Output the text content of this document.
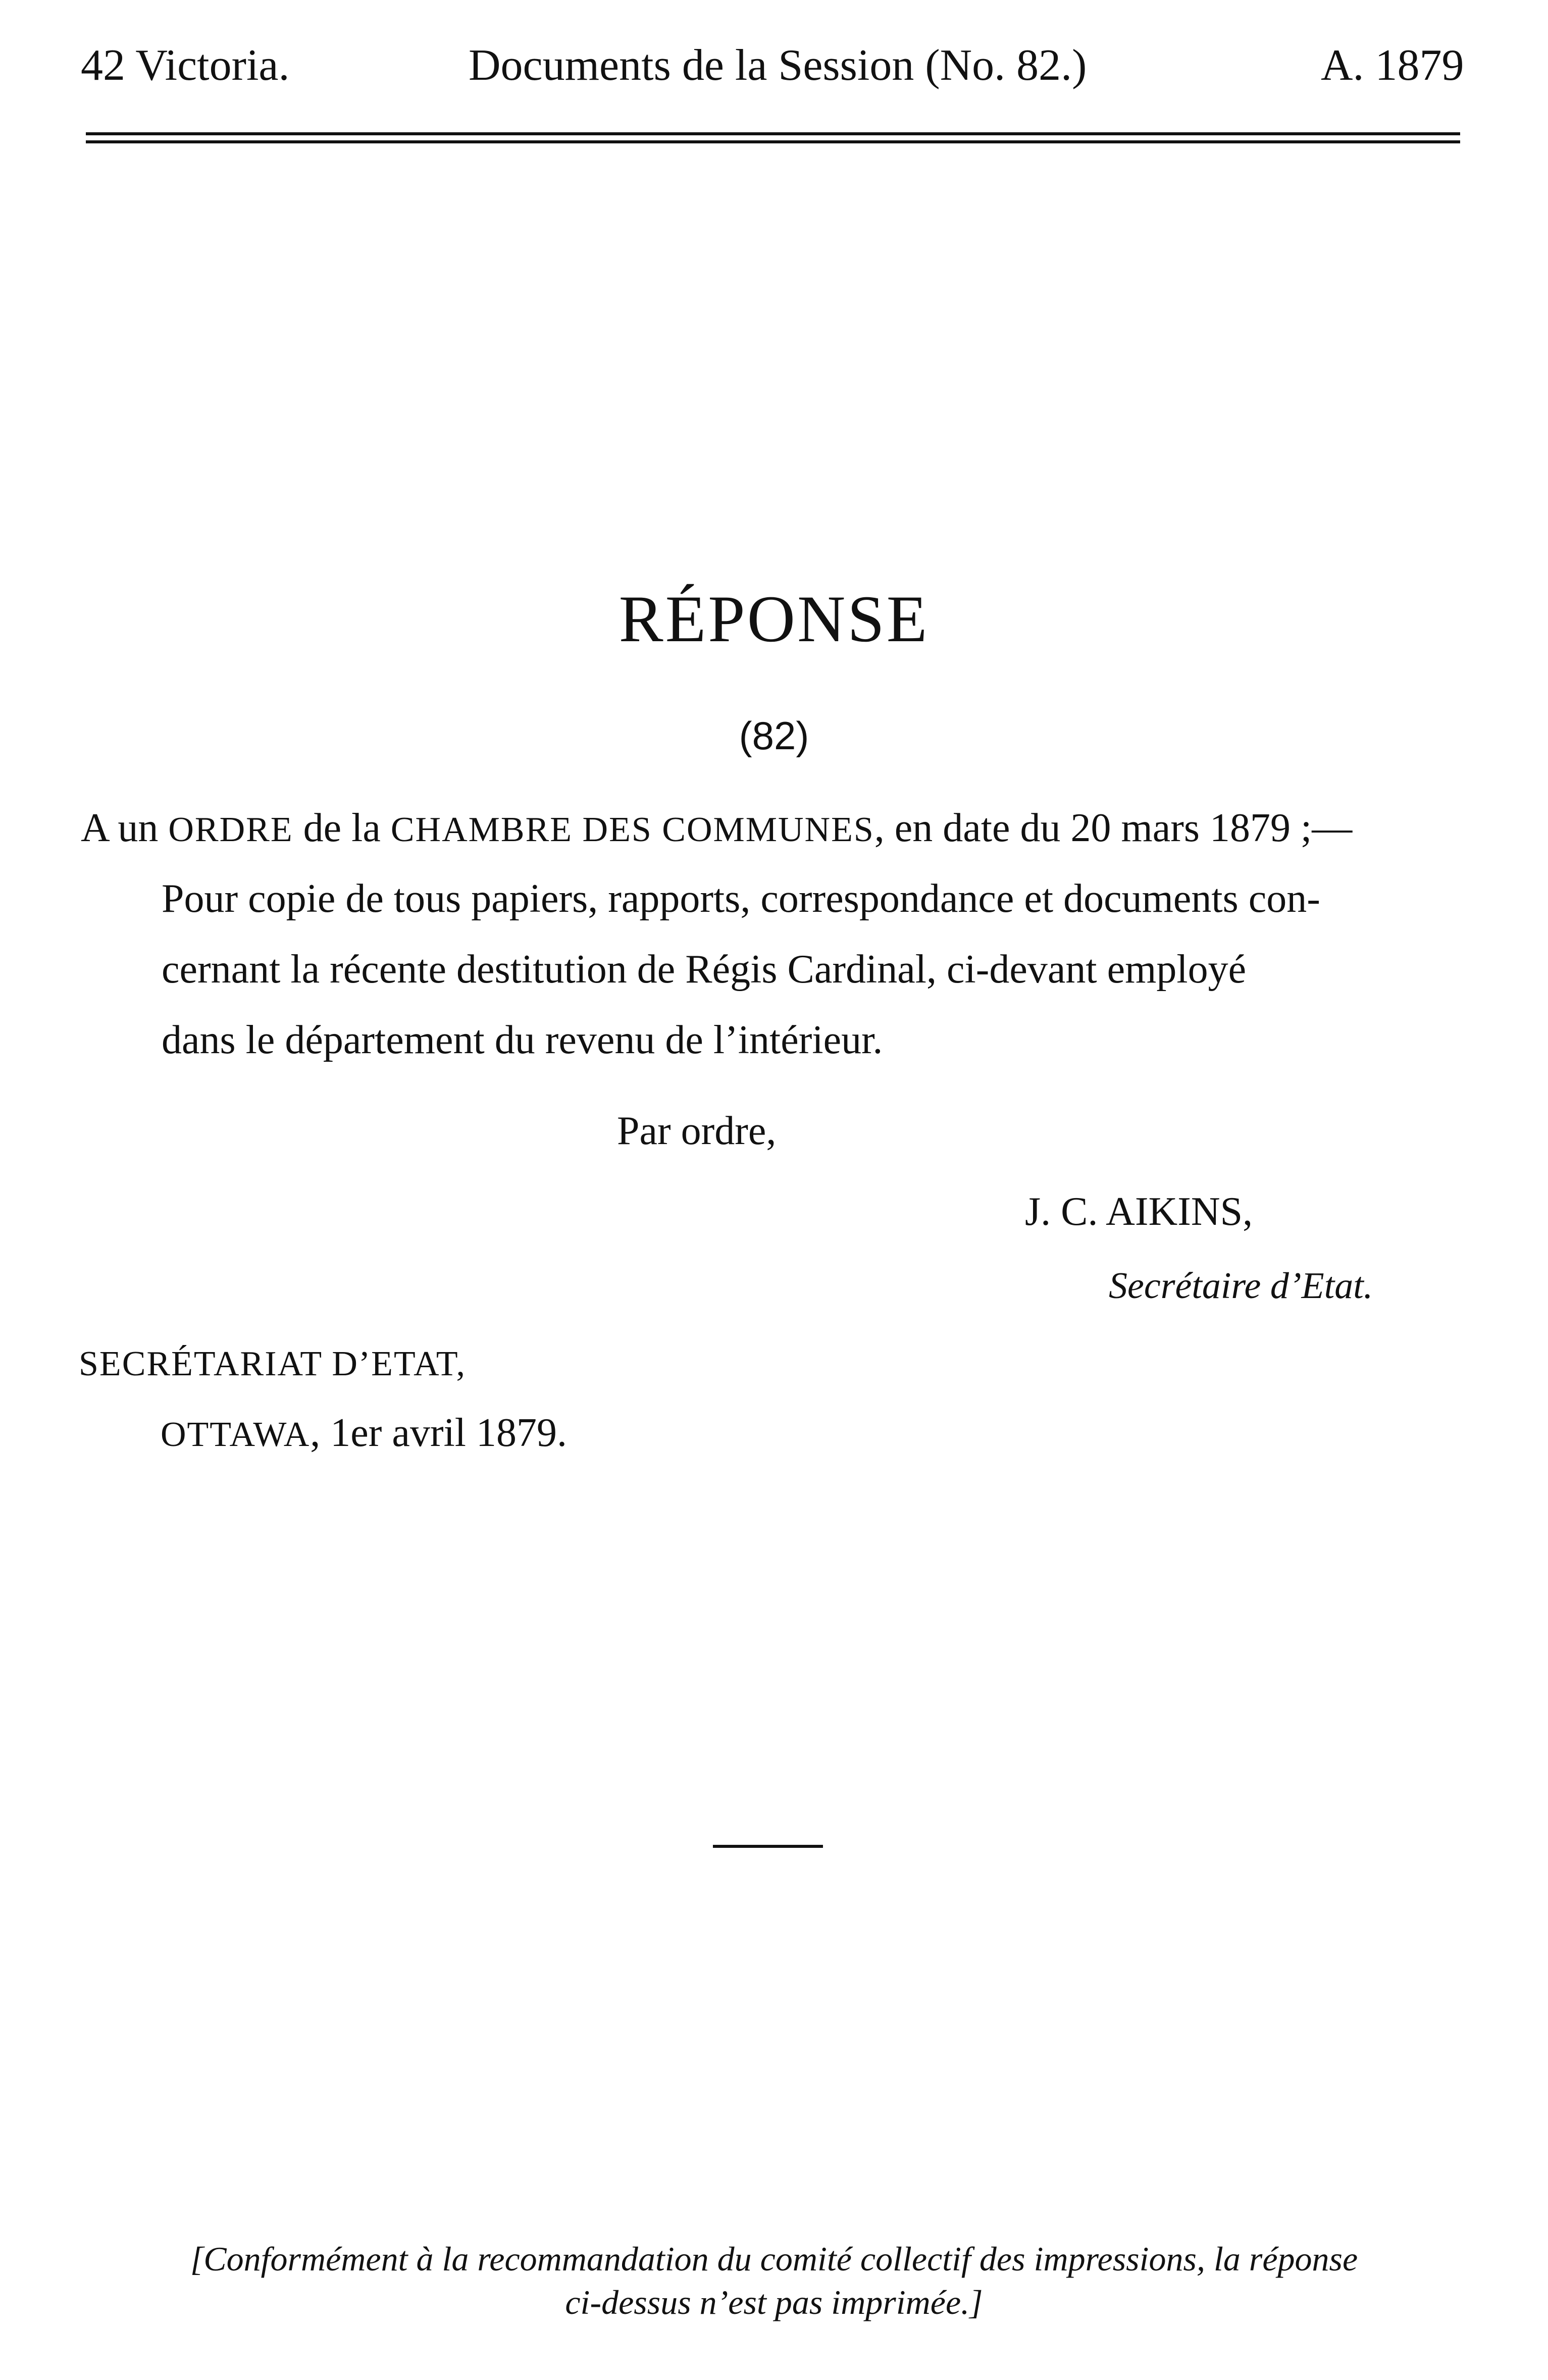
42 Victoria.	Documents de la Session (No. 82.)	A. 1879
RÉPONSE
(82)
A un ORDRE de la CHAMBRE DES COMMUNES, en date du 20 mars 1879 ;—
Pour copie de tous papiers, rapports, correspondance et documents con-
cernant la récente destitution de Régis Cardinal, ci-devant employé
dans le département du revenu de l’intérieur.
Par ordre,
J. C. AIKINS,
Secrétaire d’Etat.
SECRÉTARIAT D’ETAT,
OTTAWA, 1er avril 1879.
[Conformément à la recommandation du comité collectif des impressions, la réponse
ci-dessus n’est pas imprimée.]
